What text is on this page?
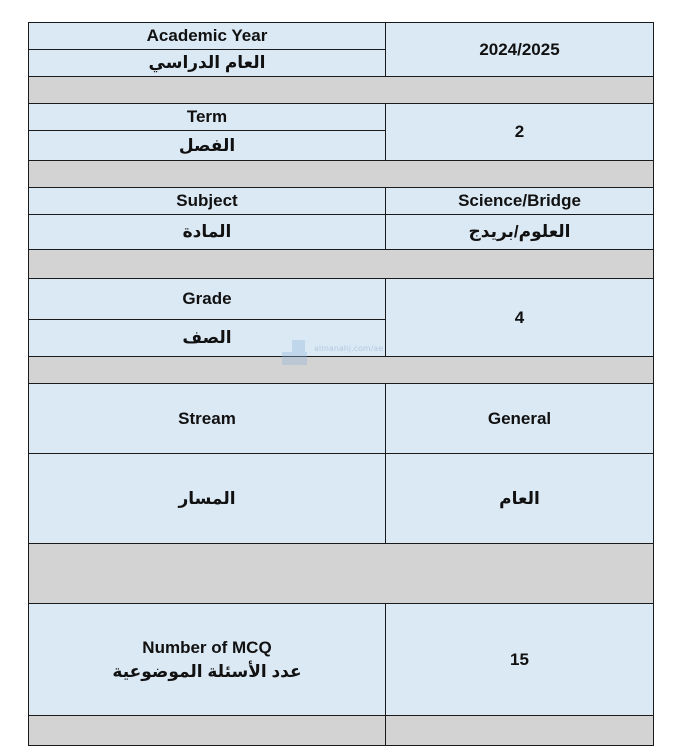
Academic Year	2024/2025
العام الدراسي	

Term	2
الفصل	

Subject	Science/Bridge
المادة	العلوم/بريدج

Grade	4
الصف	

Stream	General
المسار	العام

Number of MCQ
عدد الأسئلة الموضوعية	15

almanahj.com/ae
